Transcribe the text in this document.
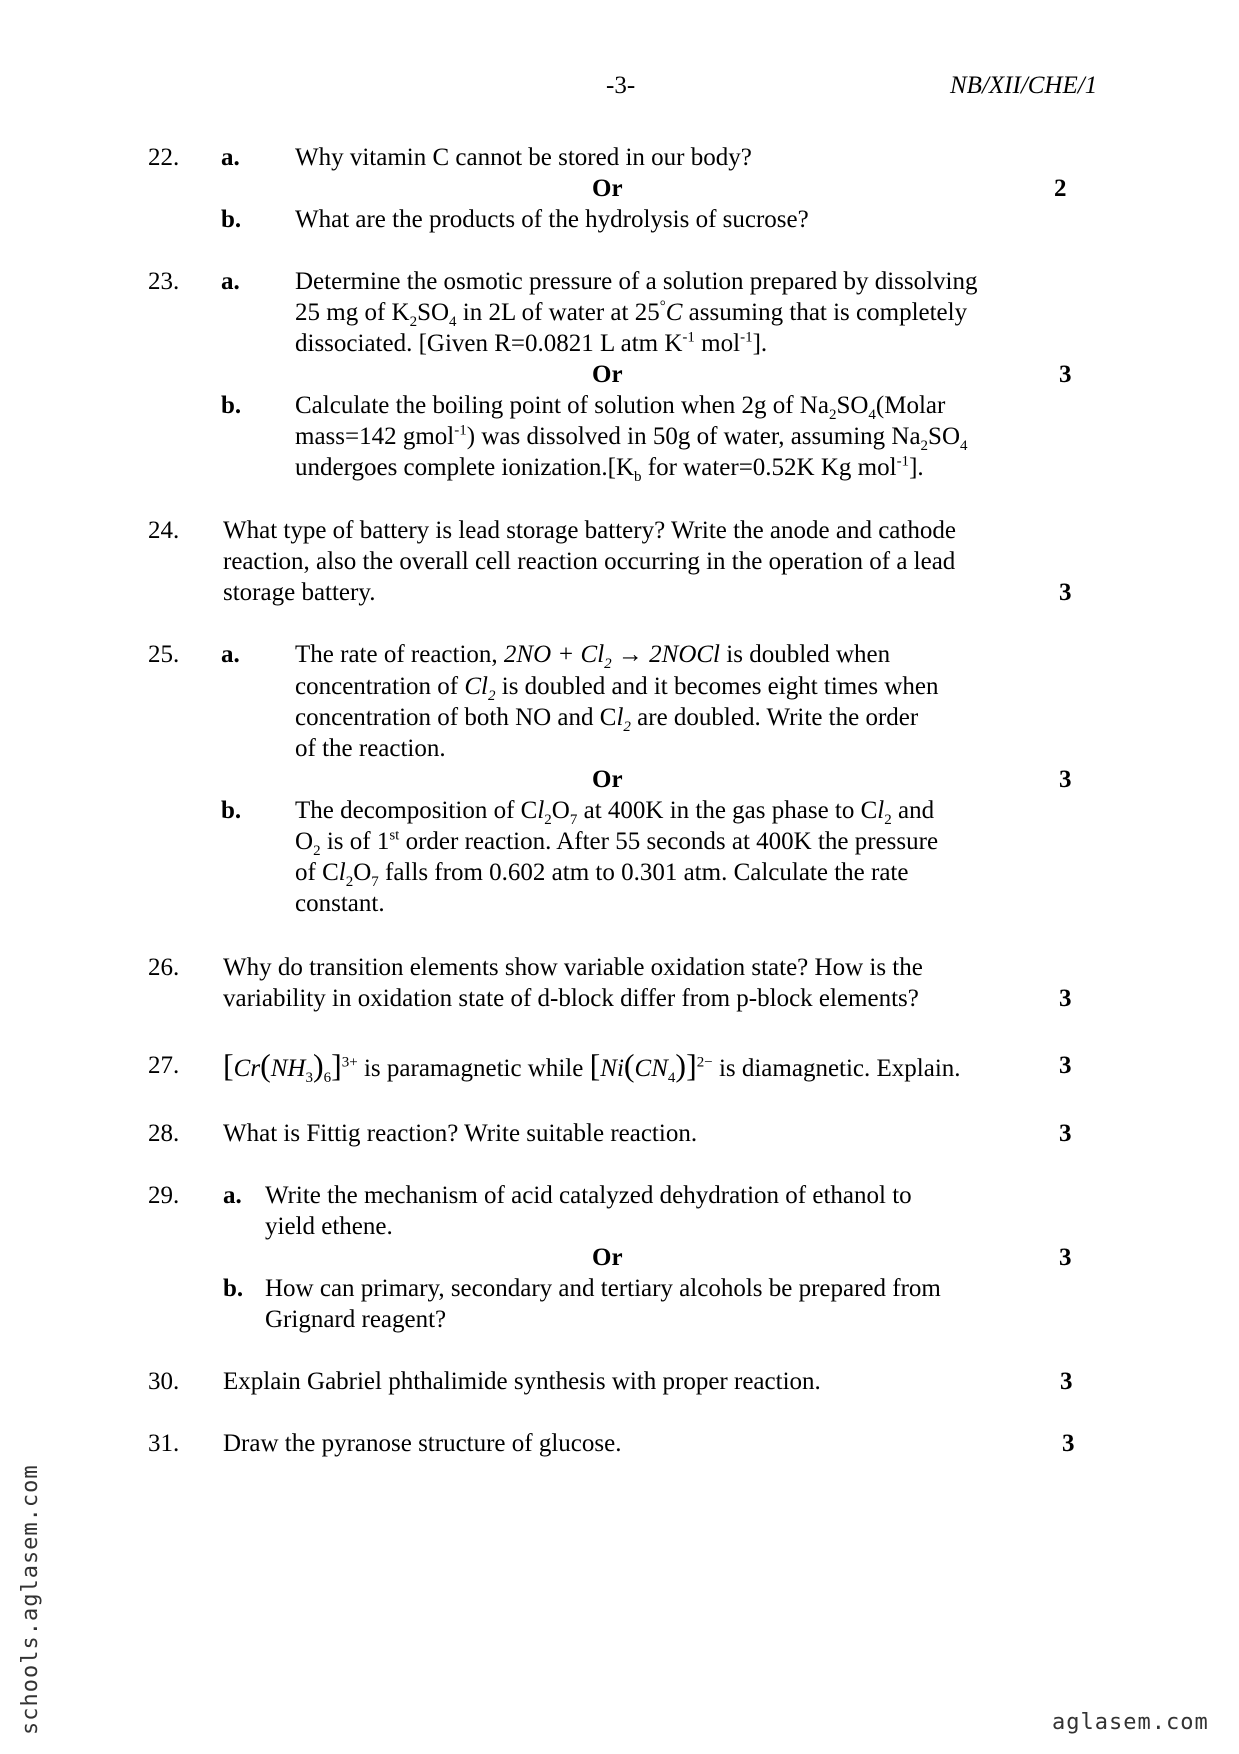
-3-	NB/XII/CHE/1
22. a. Why vitamin C cannot be stored in our body?
Or	2
b. What are the products of the hydrolysis of sucrose?
23. a. Determine the osmotic pressure of a solution prepared by dissolving
25 mg of $K_2SO_4$ in 2L of water at 25°C assuming that is completely
dissociated. [Given R=0.0821 L atm $K^{-1}$ mol$^{-1}$].
Or	3
b. Calculate the boiling point of solution when 2g of $Na_2SO_4(Molar$
mass=142 gmol$^{-1}$) was dissolved in 50g of water, assuming $Na_2SO_4$
undergoes complete $ionization.[K_b$ for water=0.52K Kg mol$^{-1}$].
24. What type of battery is lead storage battery? Write the anode and cathode
reaction, also the overall cell reaction occurring in the operation of a lead
storage battery.	3
25. a. The rate of reaction, $2NO + Cl_2$ → 2NOCl is doubled when
concentration of $Cl_2$ is doubled and it becomes eight times when
concentration of both NO and $Cl_2$ are doubled. Write the order
of the reaction.
Or	3
b. The decomposition of $Cl_2O_7$ at 400K in the gas phase to $Cl_2$ and
$O_2$ is of 1st order reaction. After 55 seconds at 400K the pressure
of $Cl_2O_7$ falls from 0.602 atm to 0.301 atm. Calculate the rate
constant.
26. Why do transition elements show variable oxidation state? How is the
variability in oxidation state of d-block differ from p-block elements?	3
27. $[Cr(NH_3)_6]^{3+}$ is paramagnetic while $[Ni(CN_4)]^{2-}$ is diamagnetic. Explain.	3
28. What is Fittig reaction? Write suitable reaction.	3
29. a. Write the mechanism of acid catalyzed dehydration of ethanol to
yield ethene.
Or	3
b. How can primary, secondary and tertiary alcohols be prepared from
Grignard reagent?
30. Explain Gabriel phthalimide synthesis with proper reaction.	3
31. Draw the pyranose structure of glucose.	3
schools.aglasem.com	aglasem.com
